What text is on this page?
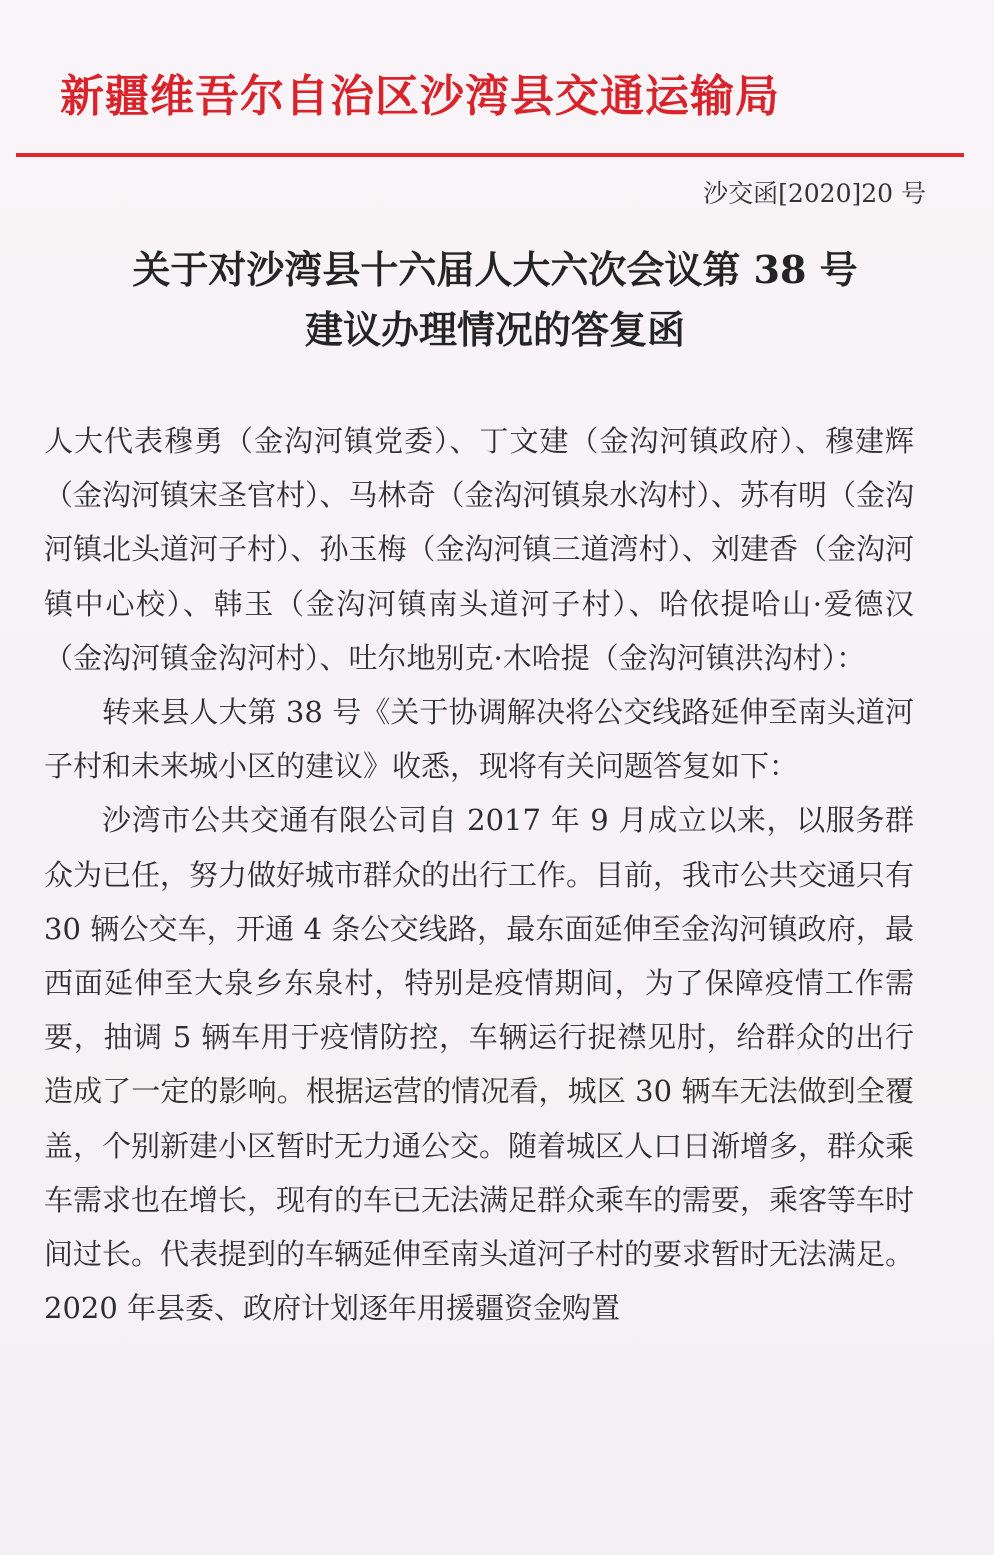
新疆维吾尔自治区沙湾县交通运输局
沙交函[2020]20 号
关于对沙湾县十六届人大六次会议第 38 号
建议办理情况的答复函

人大代表穆勇（金沟河镇党委）、丁文建（金沟河镇政府）、穆建辉（金沟河镇宋圣官村）、马林奇（金沟河镇泉水沟村）、苏有明（金沟河镇北头道河子村）、孙玉梅（金沟河镇三道湾村）、刘建香（金沟河镇中心校）、韩玉（金沟河镇南头道河子村）、哈依提哈山·爱德汉（金沟河镇金沟河村）、吐尔地别克·木哈提（金沟河镇洪沟村）：

转来县人大第 38 号《关于协调解决将公交线路延伸至南头道河子村和未来城小区的建议》收悉，现将有关问题答复如下：

沙湾市公共交通有限公司自 2017 年 9 月成立以来，以服务群众为已任，努力做好城市群众的出行工作。目前，我市公共交通只有 30 辆公交车，开通 4 条公交线路，最东面延伸至金沟河镇政府，最西面延伸至大泉乡东泉村，特别是疫情期间，为了保障疫情工作需要，抽调 5 辆车用于疫情防控，车辆运行捉襟见肘，给群众的出行造成了一定的影响。根据运营的情况看，城区 30 辆车无法做到全覆盖，个别新建小区暂时无力通公交。随着城区人口日渐增多，群众乘车需求也在增长，现有的车已无法满足群众乘车的需要，乘客等车时间过长。代表提到的车辆延伸至南头道河子村的要求暂时无法满足。2020 年县委、政府计划逐年用援疆资金购置
